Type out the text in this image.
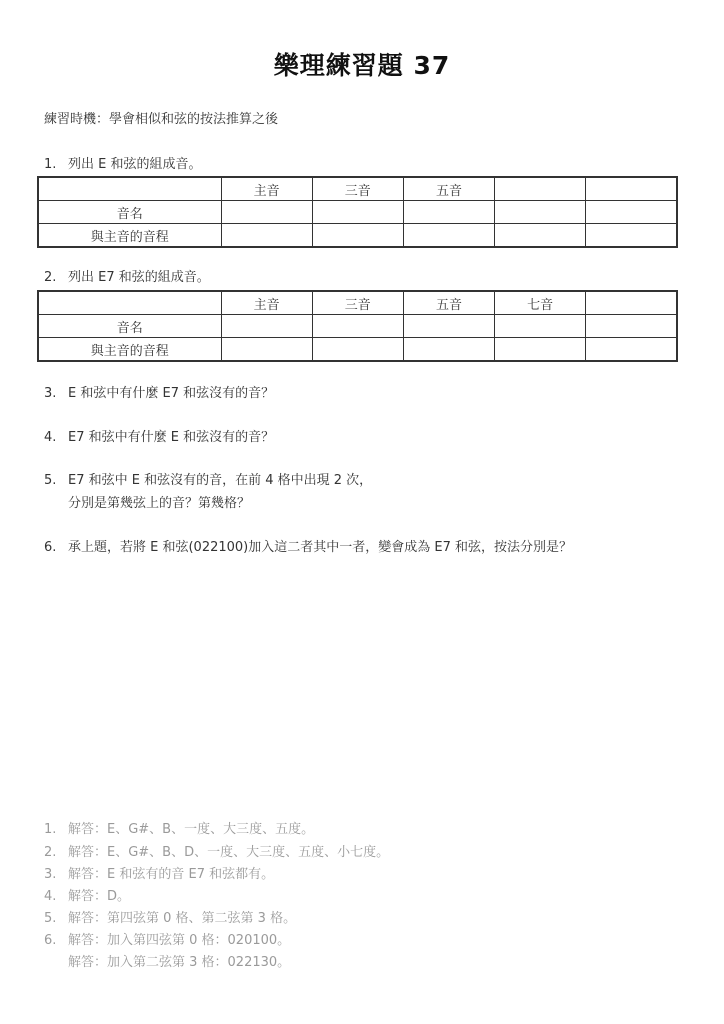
樂理練習題 37
練習時機：學會相似和弦的按法推算之後
1. 列出 E 和弦的組成音。
	主音	三音	五音		
音名					
與主音的音程					
2. 列出 E7 和弦的組成音。
	主音	三音	五音	七音	
音名					
與主音的音程					
3. E 和弦中有什麼 E7 和弦沒有的音？
4. E7 和弦中有什麼 E 和弦沒有的音？
5. E7 和弦中 E 和弦沒有的音，在前 4 格中出現 2 次，
分別是第幾弦上的音？第幾格？
6. 承上題，若將 E 和弦(022100)加入這二者其中一者，變會成為 E7 和弦，按法分別是？
1. 解答：E、G#、B、一度、大三度、五度。
2. 解答：E、G#、B、D、一度、大三度、五度、小七度。
3. 解答：E 和弦有的音 E7 和弦都有。
4. 解答：D。
5. 解答：第四弦第 0 格、第二弦第 3 格。
6. 解答：加入第四弦第 0 格：020100。
解答：加入第二弦第 3 格：022130。
